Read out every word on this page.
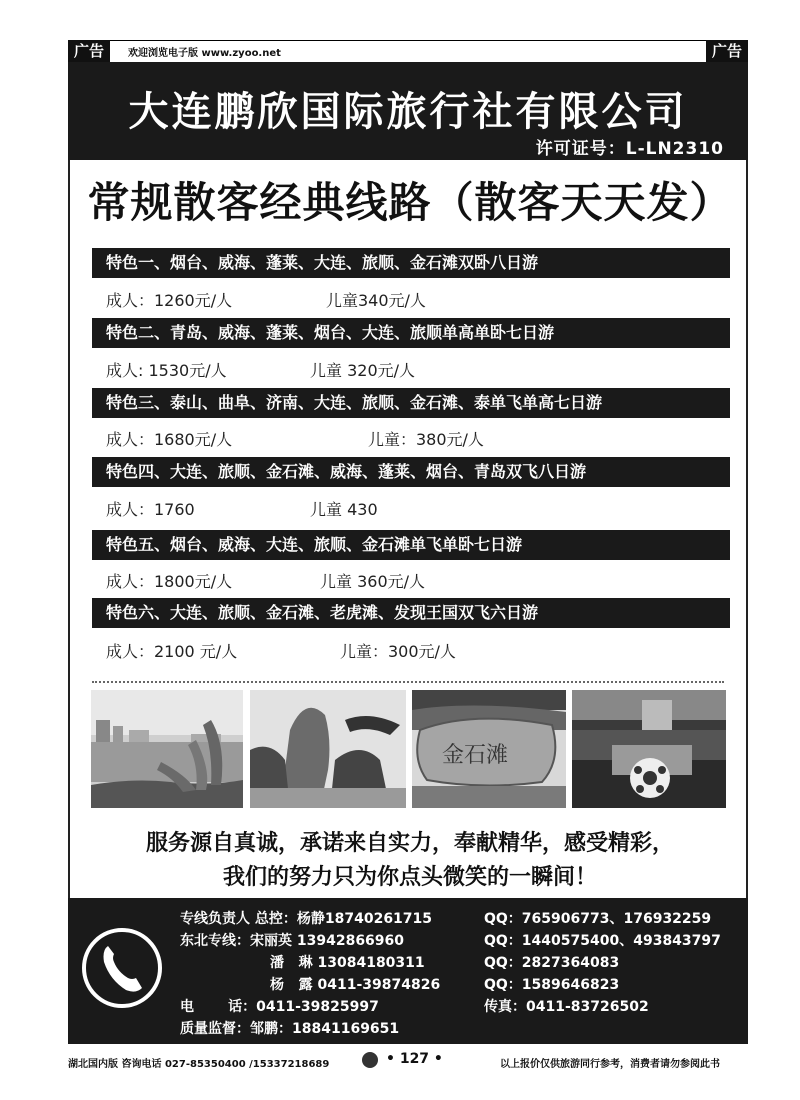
广告	欢迎浏览电子版 www.zyoo.net	广告
大连鹏欣国际旅行社有限公司
许可证号：L-LN2310
常规散客经典线路（散客天天发）
特色一、烟台、威海、蓬莱、大连、旅顺、金石滩双卧八日游
成人：1260元/人	儿童340元/人
特色二、青岛、威海、蓬莱、烟台、大连、旅顺单高单卧七日游
成人: 1530元/人	儿童 320元/人
特色三、泰山、曲阜、济南、大连、旅顺、金石滩、泰单飞单高七日游
成人：1680元/人	儿童：380元/人
特色四、大连、旅顺、金石滩、威海、蓬莱、烟台、青岛双飞八日游
成人：1760	儿童 430
特色五、烟台、威海、大连、旅顺、金石滩单飞单卧七日游
成人：1800元/人	儿童 360元/人
特色六、大连、旅顺、金石滩、老虎滩、发现王国双飞六日游
成人：2100 元/人	儿童：300元/人
金石滩
服务源自真诚，承诺来自实力，奉献精华，感受精彩，
我们的努力只为你点头微笑的一瞬间！
专线负责人 总控：杨静18740261715	QQ：765906773、176932259
东北专线：宋丽英 13942866960	QQ：1440575400、493843797
潘   琳 13084180311	QQ：2827364083
杨   露 0411-39874826	QQ：1589646823
电       话：0411-39825997	传真：0411-83726502
质量监督：邹鹏：18841169651
湖北国内版 咨询电话 027-85350400 /15337218689	• 127 •	以上报价仅供旅游同行参考，消费者请勿参阅此书
